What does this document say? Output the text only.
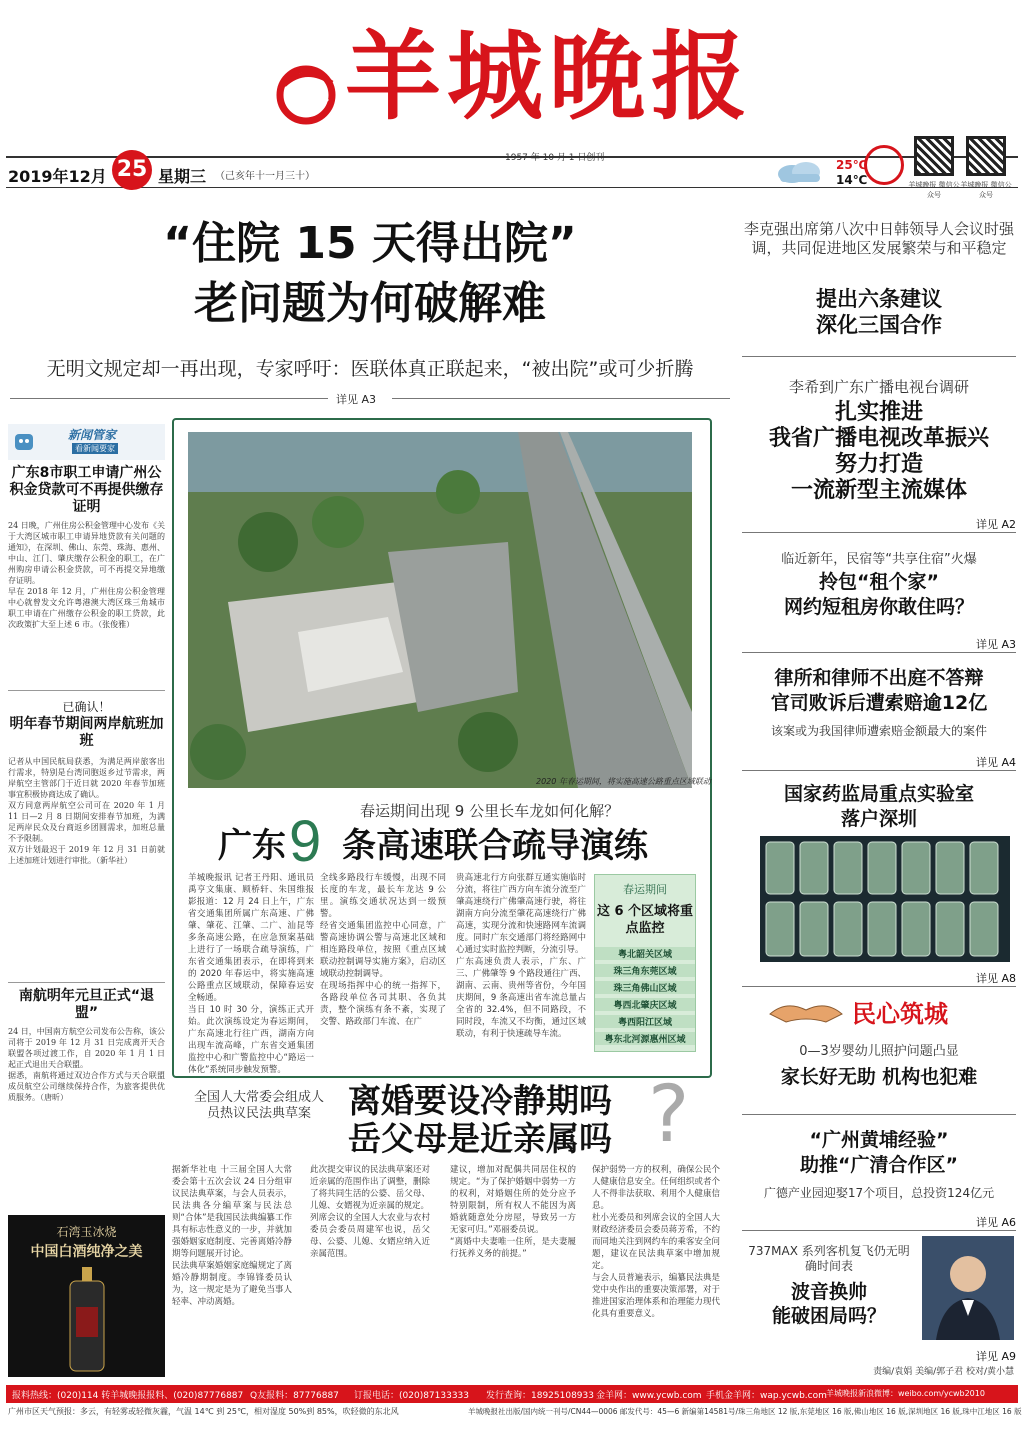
羊城晚报
2019年12月 25 星期三 （己亥年十一月三十）
1957 年 10 月 1 日创刊	25℃
14℃	羊城晚报 微信公众号
羊城晚报 微信公众号
“住院 15 天得出院”
老问题为何破解难
无明文规定却一再出现，专家呼吁：医联体真正联起来，“被出院”或可少折腾
详见 A3
新闻管家
看新闻要家
广东8市职工申请广州公积金贷款可不再提供缴存证明
24 日晚，广州住房公积金管理中心发布《关于大湾区城市职工申请异地贷款有关问题的通知》，在深圳、佛山、东莞、珠海、惠州、中山、江门、肇庆缴存公积金的职工，在广州购房申请公积金贷款，可不再提交异地缴存证明。
早在 2018 年 12 月，广州住房公积金管理中心就曾发文允许粤港澳大湾区珠三角城市职工申请在广州缴存公积金的职工贷款，此次政策扩大至上述 6 市。（张俊雅）
已确认！
明年春节期间两岸航班加班
记者从中国民航局获悉，为满足两岸旅客出行需求，特别是台湾同胞返乡过节需求，两岸航空主管部门于近日就 2020 年春节加班事宜积极协商达成了确认。
双方同意两岸航空公司可在 2020 年 1 月 11 日—2 月 8 日期间安排春节加班，为满足两岸民众及台商返乡团圆需求，加班总量不予限制。
双方计划最迟于 2019 年 12 月 31 日前就上述加班计划进行审批。（新华社）
南航明年元旦正式“退盟”
24 日，中国南方航空公司发布公告称，该公司将于 2019 年 12 月 31 日完成离开天合联盟各项过渡工作，自 2020 年 1 月 1 日起正式退出天合联盟。
据悉，南航将通过双边合作方式与天合联盟成员航空公司继续保持合作，为旅客提供优质服务。（唐昕）
石湾玉冰烧
中国白酒纯净之美
2020 年春运期间，将实施高速公路重点区域联动
春运期间出现 9 公里长车龙如何化解？
广东 9 条高速联合疏导演练
羊城晚报讯 记者王丹阳、通讯员禹亨文集康、顾桥轩、朱国维报影报道：12 月 24 日上午，广东省交通集团所属广东高速、广佛肇、肇花、江肇、二广、汕昆等多条高速公路，在应急预案基础上进行了一场联合疏导演练，广东省交通集团表示，在即将到来的 2020 年春运中，将实施高速公路重点区域联动，保障春运安全畅通。
当日 10 时 30 分，演练正式开始。此次演练设定为春运期间，广东高速北行往广西，湖南方向出现车流高峰，广东省交通集团监控中心和广警监控中心“路运一体化”系统同步触发预警。
全线多路段行车缓慢，出现不同长度的车龙，最长车龙达 9 公里。演练交通状况达到一级预警。
经省交通集团监控中心同意，广警高速协调公警与高速北区域和相连路段单位，按照《重点区域联动控制调导实施方案》，启动区域联动控制调导。
在现场指挥中心的统一指挥下，各路段单位各司其职、各负其责，整个演练有条不紊，实现了交警、路政部门车流、在广
贵高速北行方向张群互通实施临时分流，将往广西方向车流分流至广肇高速绕行广佛肇高速行驶，将往湖南方向分流至肇花高速绕行广佛高速，实现分流和快速路网车流调度。同时广东交通部门将经路网中心通过实时监控判断，分流引导。
广东高速负责人表示，广东、广三、广佛肇等 9 个路段通往广西、湖南、云南、贵州等省份，今年国庆期间，9 条高速出省车流总量占全省的 32.4%，但不同路段，不同时段，车流又不均衡，通过区域联动，有利于快速疏导车流。
春运期间
这 6 个区域将重点监控
粤北韶关区域
珠三角东莞区域
珠三角佛山区域
粤西北肇庆区域
粤西阳江区域
粤东北河源惠州区域
全国人大常委会组成人员热议民法典草案	离婚要设冷静期吗
岳父母是近亲属吗 ?
据新华社电 十三届全国人大常委会第十五次会议 24 日分组审议民法典草案，与会人员表示，民法典各分编草案与民法总则“合体”是我国民法典编纂工作具有标志性意义的一步，并就加强婚姻家庭制度、完善离婚冷静期等问题展开讨论。
民法典草案婚姻家庭编规定了离婚冷静期制度。李锦锋委员认为，这一规定是为了避免当事人轻率、冲动离婚。
此次提交审议的民法典草案还对近亲属的范围作出了调整，删除了将共同生活的公婆、岳父母、儿媳、女婿视为近亲属的规定。
列席会议的全国人大农业与农村委员会委员周建军也说，岳父母、公婆、儿媳、女婿应纳入近亲属范围。
建议，增加对配偶共同居住权的规定。“为了保护婚姻中弱势一方的权利，对婚姻住所的处分应予特别限制，所有权人不能因为离婚就随意处分房屋，导致另一方无家可归。”邓丽委员说。
“离婚中夫妻唯一住所，是夫妻履行抚养义务的前提。”
保护弱势一方的权利，确保公民个人健康信息安全。任何组织或者个人不得非法获取、利用个人健康信息。
杜小光委员和列席会议的全国人大财政经济委员会委员蒋芳希，不约而同地关注到网约车的乘客安全问题，建议在民法典草案中增加规定。
与会人员普遍表示，编纂民法典是党中央作出的重要决策部署，对于推进国家治理体系和治理能力现代化具有重要意义。
李克强出席第八次中日韩领导人会议时强调，共同促进地区发展繁荣与和平稳定
提出六条建议
深化三国合作
李希到广东广播电视台调研
扎实推进
我省广播电视改革振兴
努力打造
一流新型主流媒体
详见 A2
临近新年，民宿等“共享住宿”火爆
拎包“租个家”
网约短租房你敢住吗？
详见 A3
律所和律师不出庭不答辩
官司败诉后遭索赔逾12亿
该案或为我国律师遭索赔金额最大的案件
详见 A4
国家药监局重点实验室
落户深圳
详见 A8
民心筑城
0—3岁婴幼儿照护问题凸显
家长好无助 机构也犯难
“广州黄埔经验”
助推“广清合作区”
广德产业园迎娶17个项目，总投资124亿元
详见 A6
737MAX 系列客机复飞仍无明确时间表
波音换帅
能破困局吗？
详见 A9
责编/袁娟 美编/郭子君 校对/黄小慧
报料热线：(020)114 转羊城晚报报料、(020)87776887 Q友报料：87776887 订报电话：(020)87133333 发行查询：18925108933 金羊网：www.ycwb.com 手机金羊网：wap.ycwb.com 羊城晚报新浪微博：weibo.com/ycwb2010
广州市区天气预报：多云，有轻雾或轻微灰霾，气温 14℃ 到 25℃，相对湿度 50%到 85%，吹轻微的东北风	羊城晚报社出版/国内统一刊号/CN44—0006 邮发代号：45—6 新编第14581号/珠三角地区 12 版,东莞地区 16 版,佛山地区 16 版,深圳地区 16 版,珠中江地区 16 版
